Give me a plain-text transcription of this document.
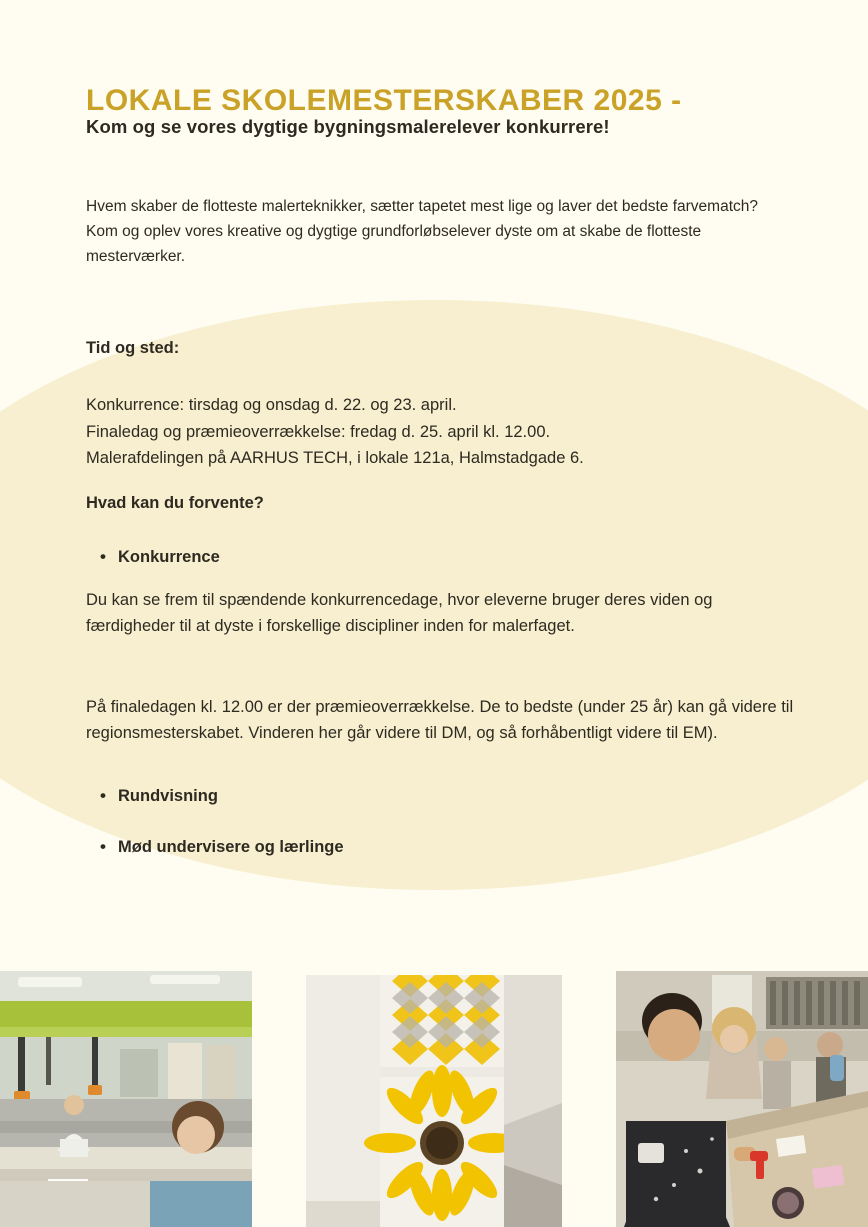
LOKALE SKOLEMESTERSKABER 2025 -
Kom og se vores dygtige bygningsmalerelever konkurrere!

Hvem skaber de flotteste malerteknikker, sætter tapetet mest lige og laver det bedste farvematch? Kom og oplev vores kreative og dygtige grundforløbselever dyste om at skabe de flotteste mesterværker.

Tid og sted:
Konkurrence: tirsdag og onsdag d. 22. og 23. april.
Finaledag og præmieoverrækkelse: fredag d. 25. april kl. 12.00.
Malerafdelingen på AARHUS TECH, i lokale 121a, Halmstadgade 6.
Hvad kan du forvente?
• Konkurrence

Du kan se frem til spændende konkurrencedage, hvor eleverne bruger deres viden og færdigheder til at dyste i forskellige discipliner inden for malerfaget.

På finaledagen kl. 12.00 er der præmieoverrækkelse. De to bedste (under 25 år) kan gå videre til regionsmesterskabet. Vinderen her går videre til DM, og så forhåbentligt videre til EM).

• Rundvisning
• Mød undervisere og lærlinge
